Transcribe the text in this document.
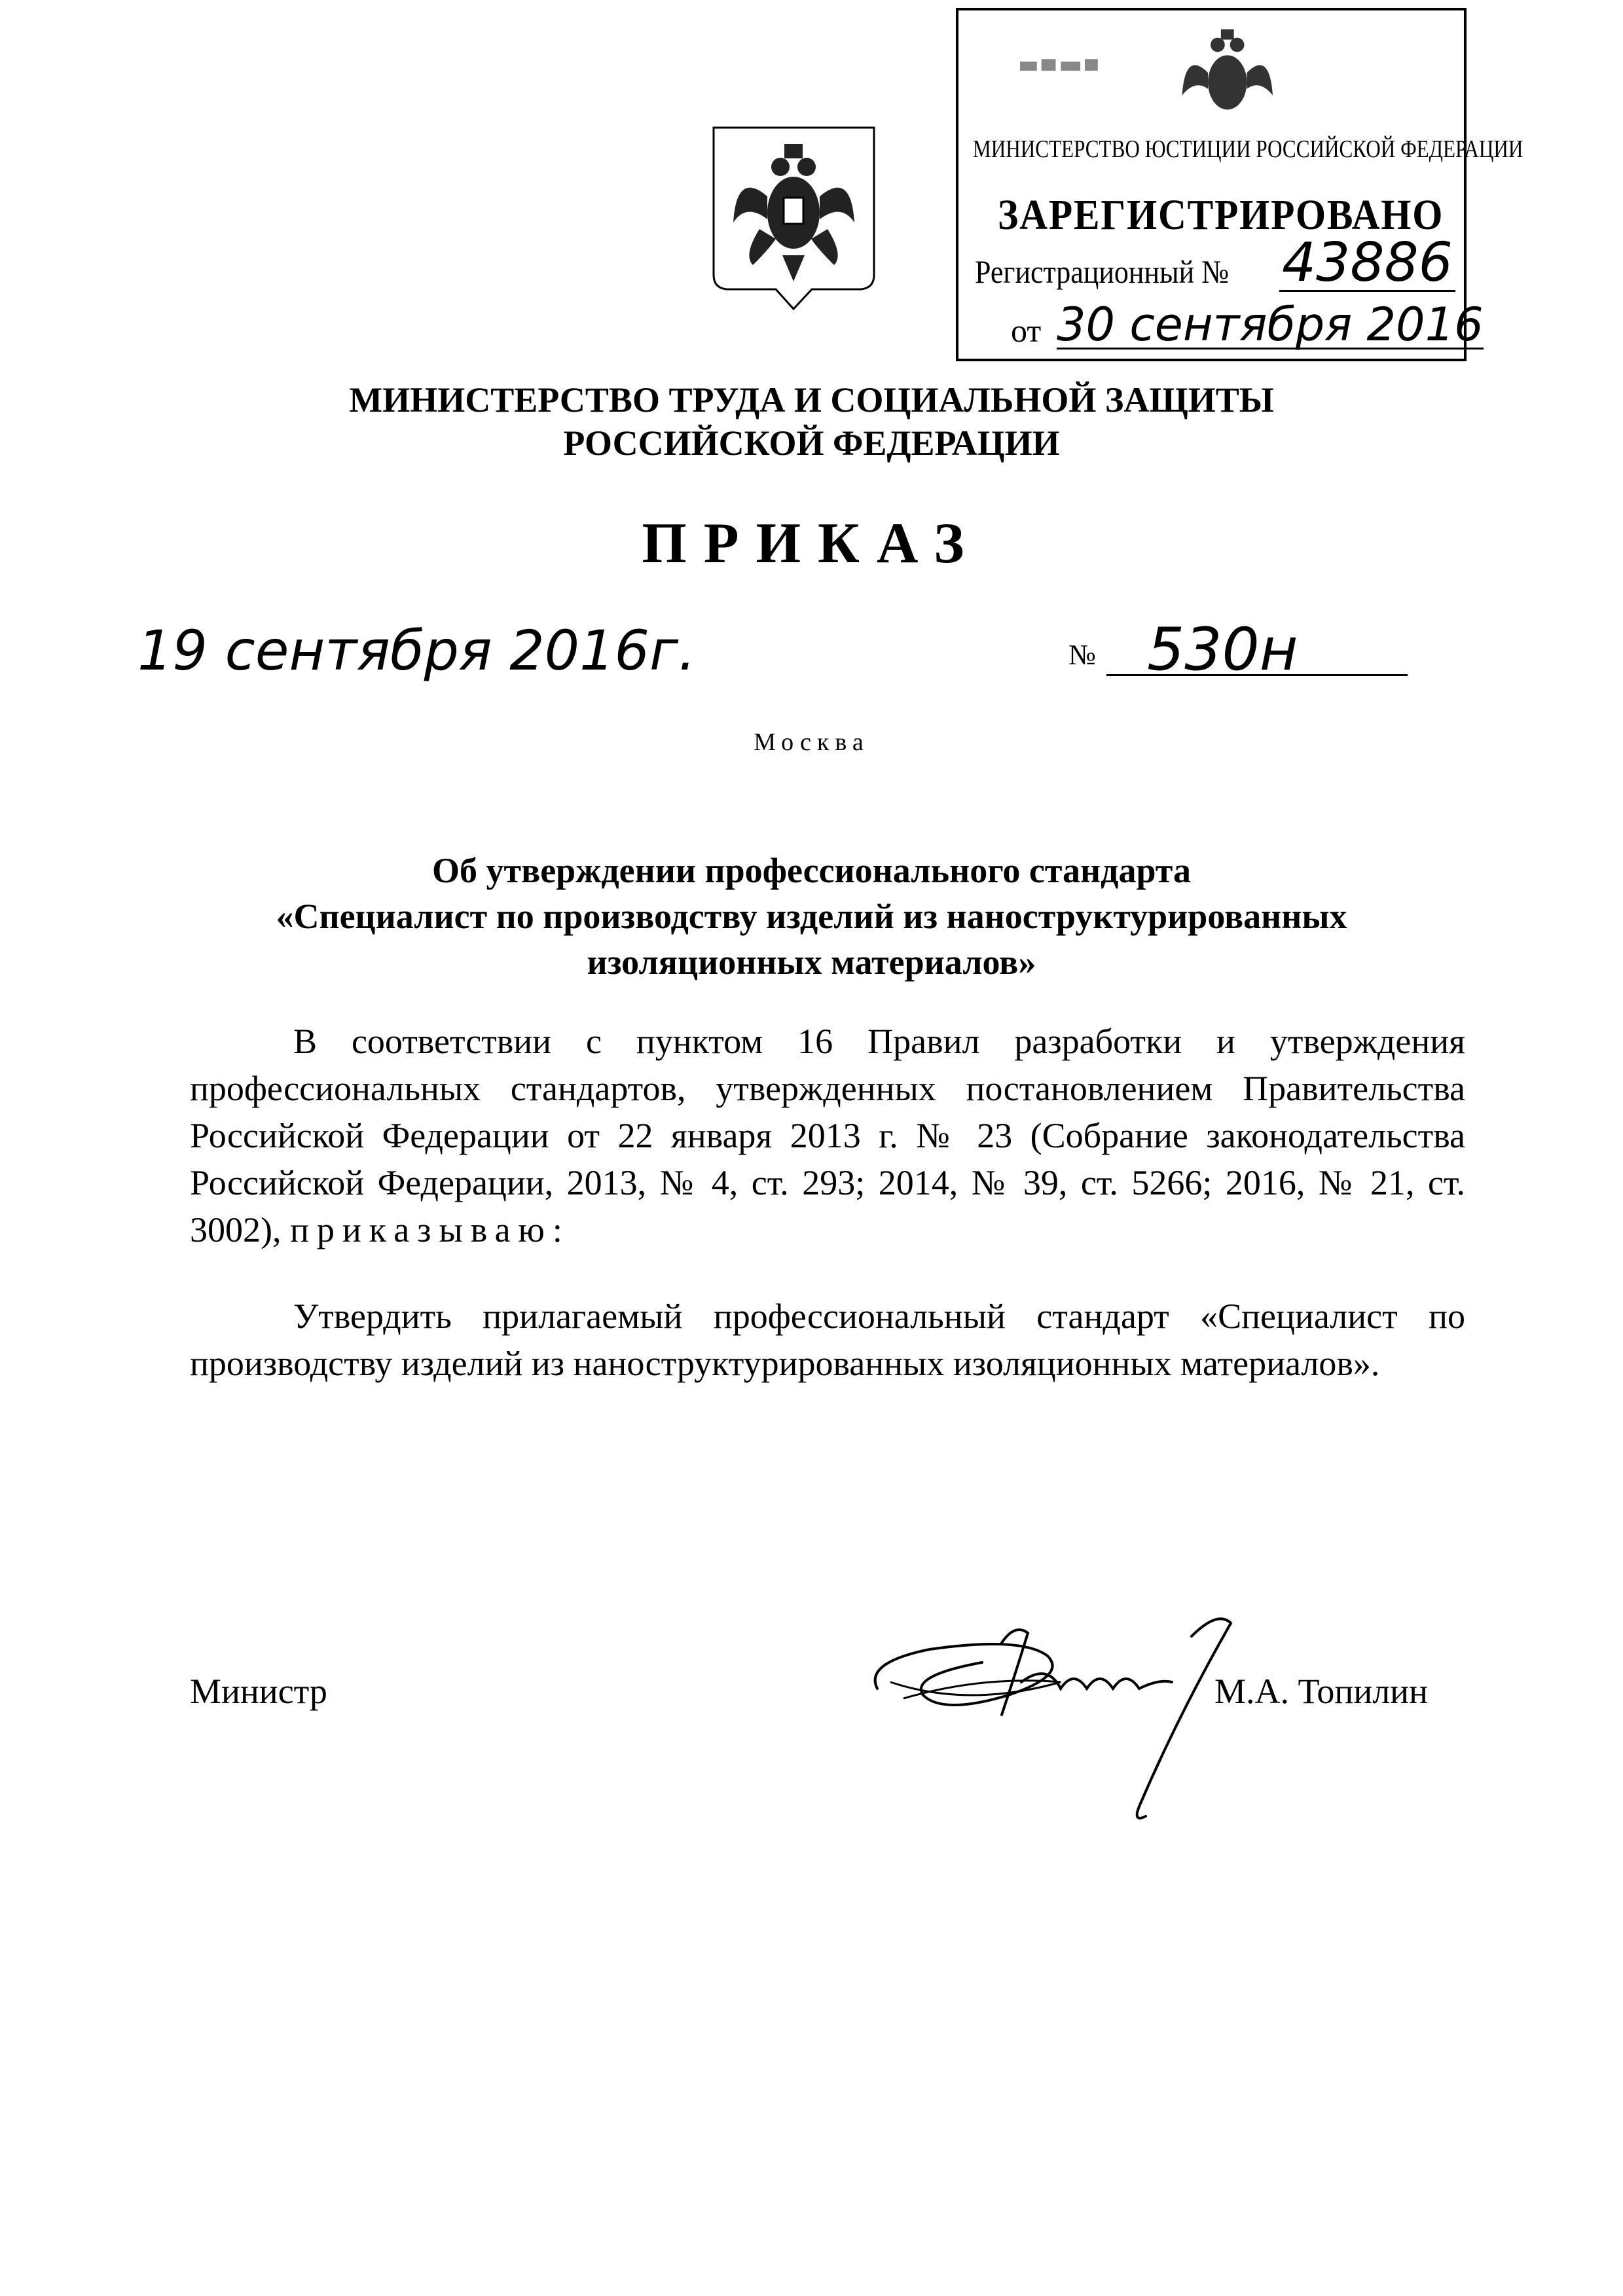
МИНИСТЕРСТВО ЮСТИЦИИ РОССИЙСКОЙ ФЕДЕРАЦИИ
ЗАРЕГИСТРИРОВАНО
Регистрационный № 43886
от 30 сентября 2016
МИНИСТЕРСТВО ТРУДА И СОЦИАЛЬНОЙ ЗАЩИТЫ
РОССИЙСКОЙ ФЕДЕРАЦИИ
ПРИКАЗ
19 сентября 2016г.	№ 530н
Москва
Об утверждении профессионального стандарта
«Специалист по производству изделий из наноструктурированных
изоляционных материалов»

В соответствии с пунктом 16 Правил разработки и утверждения профессиональных стандартов, утвержденных постановлением Правительства Российской Федерации от 22 января 2013 г. № 23 (Собрание законодательства Российской Федерации, 2013, № 4, ст. 293; 2014, № 39, ст. 5266; 2016, № 21, ст. 3002), приказываю:

Утвердить прилагаемый профессиональный стандарт «Специалист по производству изделий из наноструктурированных изоляционных материалов».

Министр	М.А. Топилин
